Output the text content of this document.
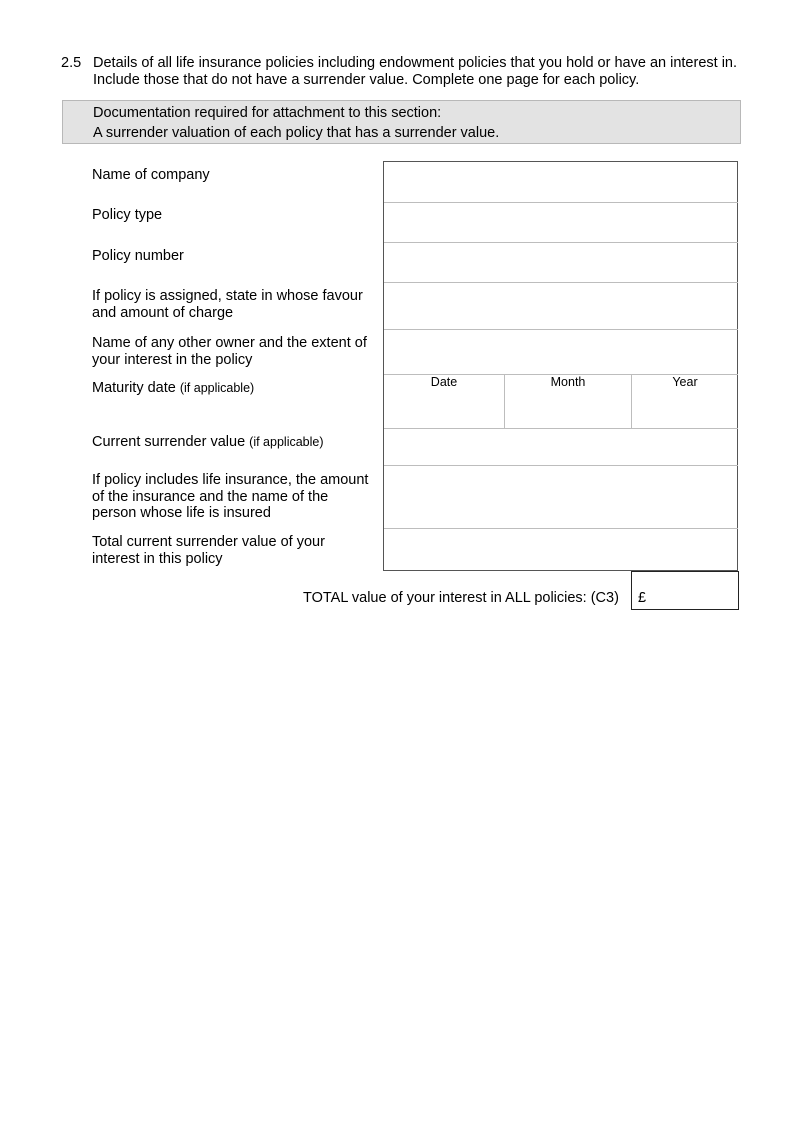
2.5 Details of all life insurance policies including endowment policies that you hold or have an interest in.
Include those that do not have a surrender value. Complete one page for each policy.
Documentation required for attachment to this section:
A surrender valuation of each policy that has a surrender value.
Name of company
Policy type
Policy number
If policy is assigned, state in whose favour
and amount of charge
Name of any other owner and the extent of
your interest in the policy
Maturity date (if applicable)
Current surrender value (if applicable)
If policy includes life insurance, the amount
of the insurance and the name of the
person whose life is insured
Total current surrender value of your
interest in this policy
Date	Month	Year
TOTAL value of your interest in ALL policies: (C3) £
